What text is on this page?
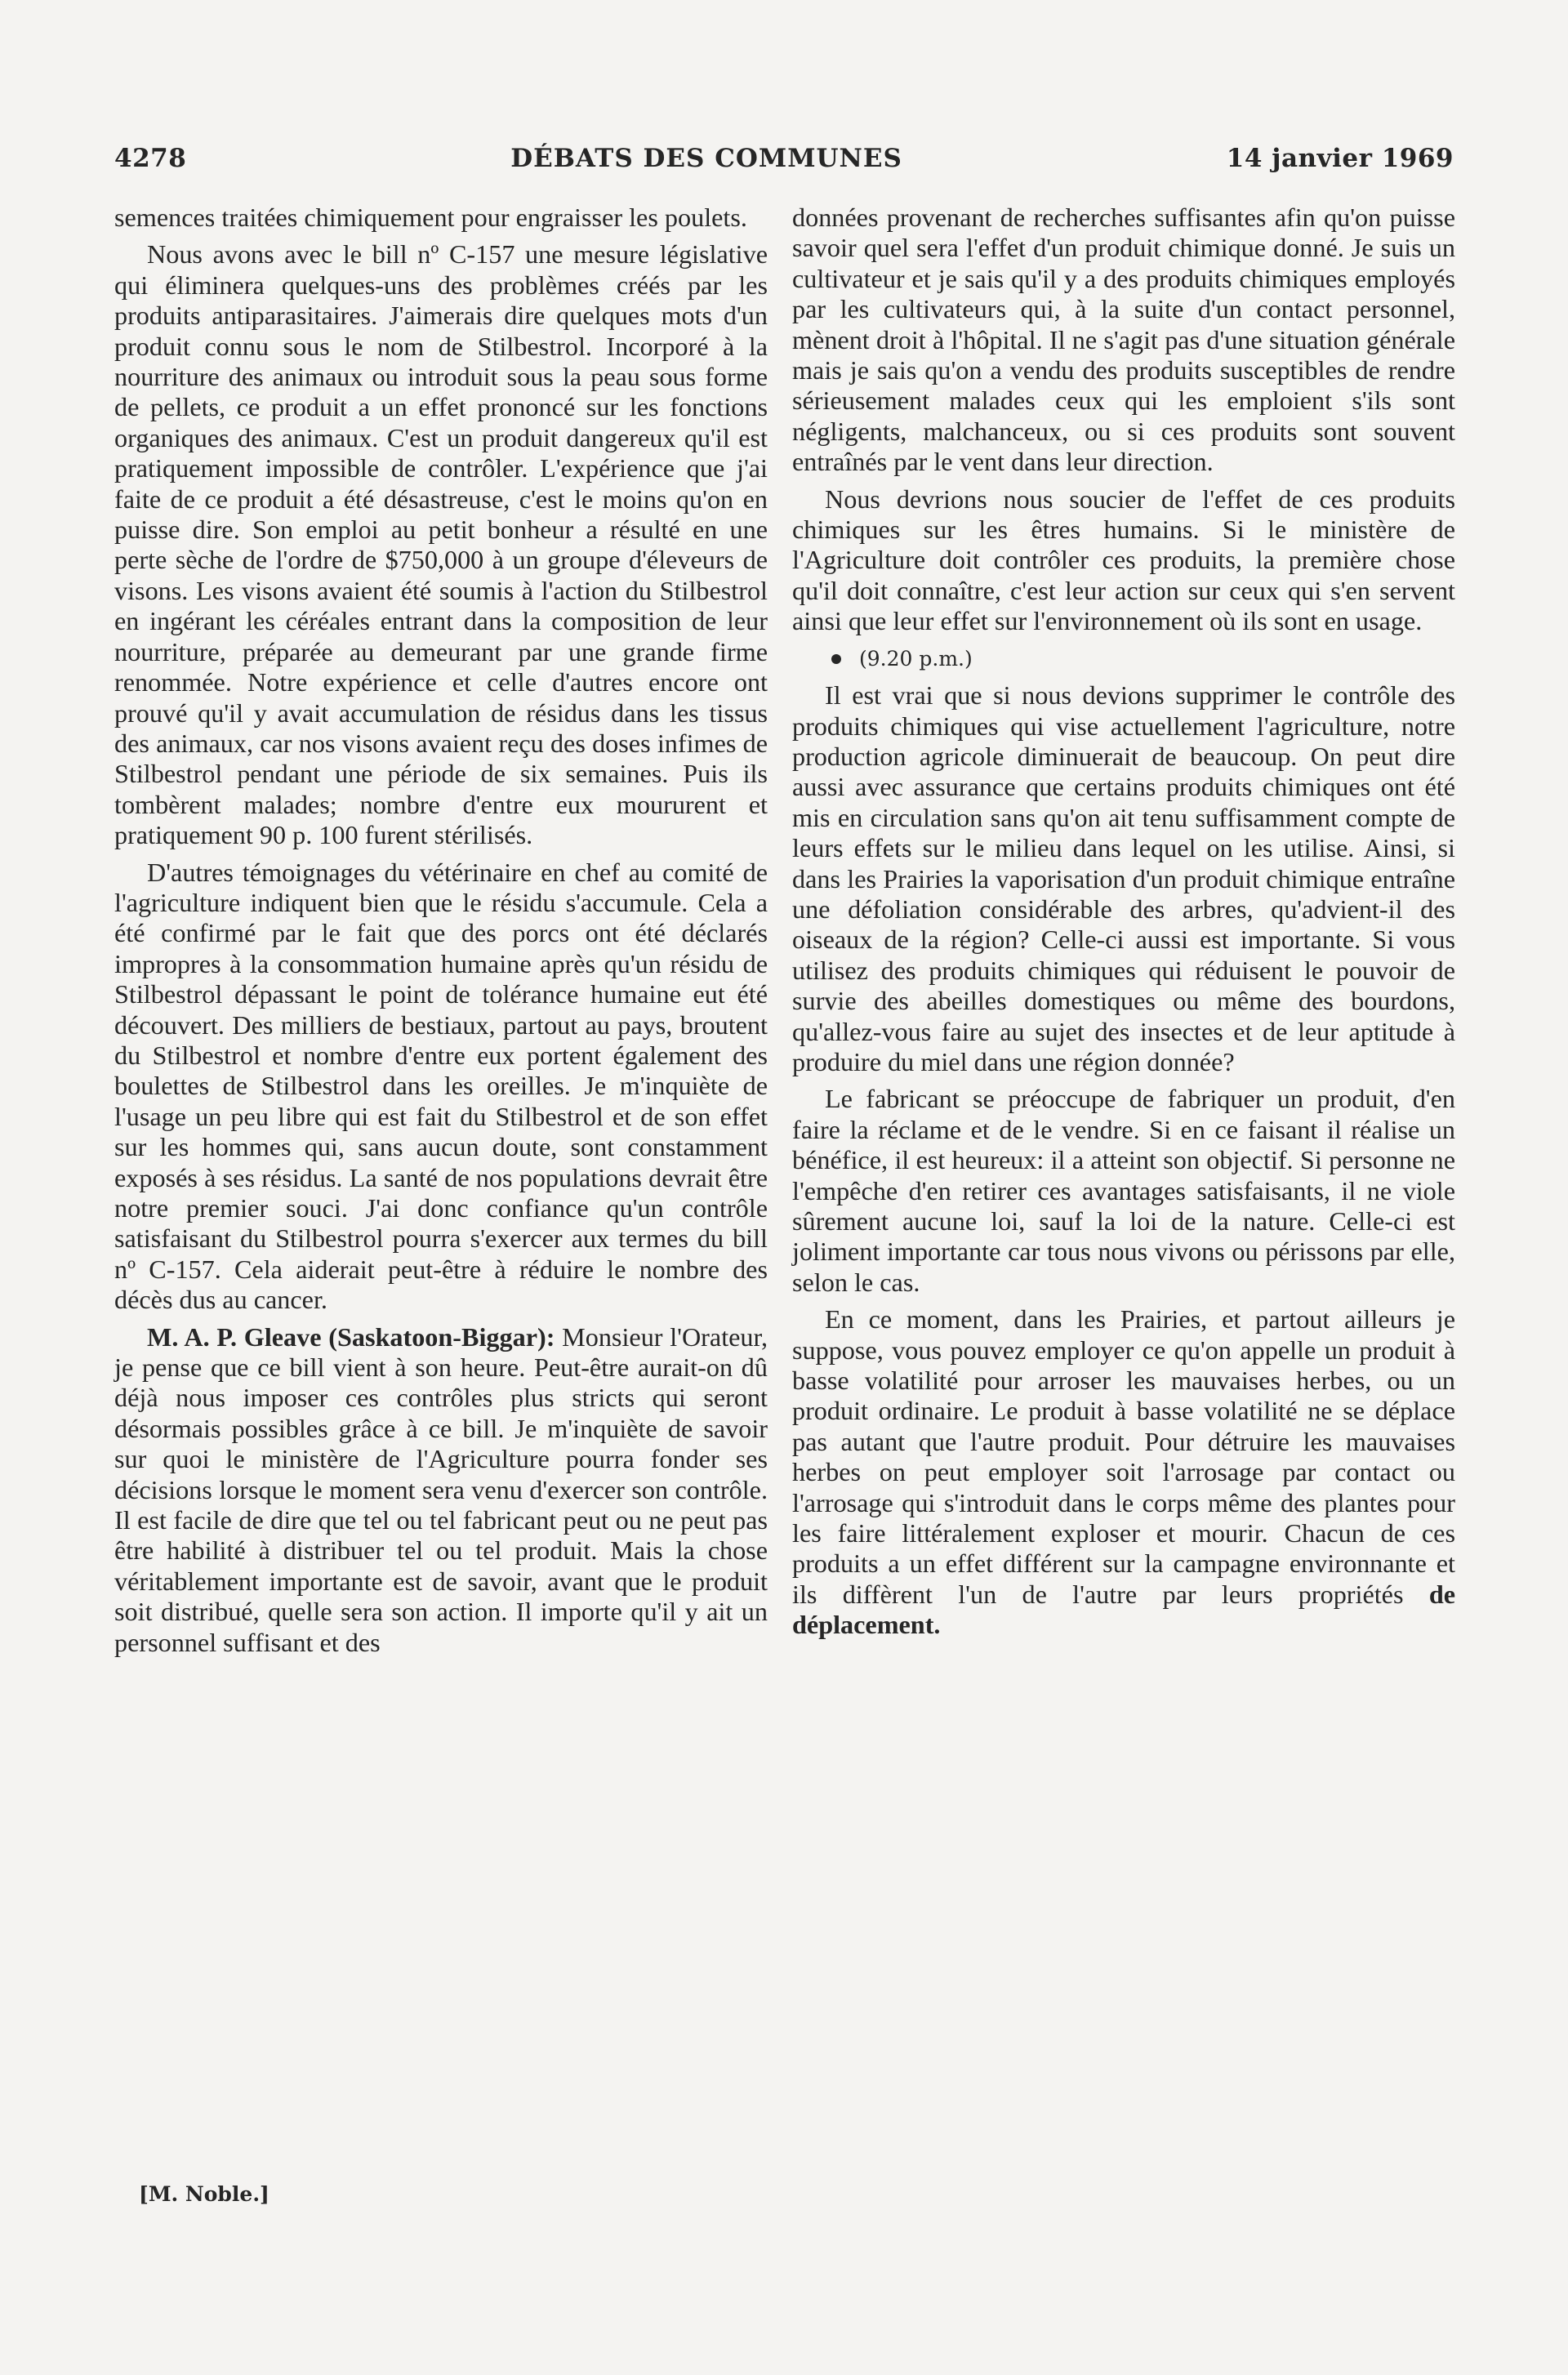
4278	DÉBATS DES COMMUNES	14 janvier 1969

semences traitées chimiquement pour engraisser les poulets.

Nous avons avec le bill nº C-157 une mesure législative qui éliminera quelques-uns des problèmes créés par les produits antiparasitaires. J'aimerais dire quelques mots d'un produit connu sous le nom de Stilbestrol. Incorporé à la nourriture des animaux ou introduit sous la peau sous forme de pellets, ce produit a un effet prononcé sur les fonctions organiques des animaux. C'est un produit dangereux qu'il est pratiquement impossible de contrôler. L'expérience que j'ai faite de ce produit a été désastreuse, c'est le moins qu'on en puisse dire. Son emploi au petit bonheur a résulté en une perte sèche de l'ordre de $750,000 à un groupe d'éleveurs de visons. Les visons avaient été soumis à l'action du Stilbestrol en ingérant les céréales entrant dans la composition de leur nourriture, préparée au demeurant par une grande firme renommée. Notre expérience et celle d'autres encore ont prouvé qu'il y avait accumulation de résidus dans les tissus des animaux, car nos visons avaient reçu des doses infimes de Stilbestrol pendant une période de six semaines. Puis ils tombèrent malades; nombre d'entre eux moururent et pratiquement 90 p. 100 furent stérilisés.

D'autres témoignages du vétérinaire en chef au comité de l'agriculture indiquent bien que le résidu s'accumule. Cela a été confirmé par le fait que des porcs ont été déclarés impropres à la consommation humaine après qu'un résidu de Stilbestrol dépassant le point de tolérance humaine eut été découvert. Des milliers de bestiaux, partout au pays, broutent du Stilbestrol et nombre d'entre eux portent également des boulettes de Stilbestrol dans les oreilles. Je m'inquiète de l'usage un peu libre qui est fait du Stilbestrol et de son effet sur les hommes qui, sans aucun doute, sont constamment exposés à ses résidus. La santé de nos populations devrait être notre premier souci. J'ai donc confiance qu'un contrôle satisfaisant du Stilbestrol pourra s'exercer aux termes du bill nº C-157. Cela aiderait peut-être à réduire le nombre des décès dus au cancer.

M. A. P. Gleave (Saskatoon-Biggar): Monsieur l'Orateur, je pense que ce bill vient à son heure. Peut-être aurait-on dû déjà nous imposer ces contrôles plus stricts qui seront désormais possibles grâce à ce bill. Je m'inquiète de savoir sur quoi le ministère de l'Agriculture pourra fonder ses décisions lorsque le moment sera venu d'exercer son contrôle. Il est facile de dire que tel ou tel fabricant peut ou ne peut pas être habilité à distribuer tel ou tel produit. Mais la chose véritablement importante est de savoir, avant que le produit soit distribué, quelle sera son action. Il importe qu'il y ait un personnel suffisant et des

[M. Noble.]

données provenant de recherches suffisantes afin qu'on puisse savoir quel sera l'effet d'un produit chimique donné. Je suis un cultivateur et je sais qu'il y a des produits chimiques employés par les cultivateurs qui, à la suite d'un contact personnel, mènent droit à l'hôpital. Il ne s'agit pas d'une situation générale mais je sais qu'on a vendu des produits susceptibles de rendre sérieusement malades ceux qui les emploient s'ils sont négligents, malchanceux, ou si ces produits sont souvent entraînés par le vent dans leur direction.

Nous devrions nous soucier de l'effet de ces produits chimiques sur les êtres humains. Si le ministère de l'Agriculture doit contrôler ces produits, la première chose qu'il doit connaître, c'est leur action sur ceux qui s'en servent ainsi que leur effet sur l'environnement où ils sont en usage.

(9.20 p.m.)

Il est vrai que si nous devions supprimer le contrôle des produits chimiques qui vise actuellement l'agriculture, notre production agricole diminuerait de beaucoup. On peut dire aussi avec assurance que certains produits chimiques ont été mis en circulation sans qu'on ait tenu suffisamment compte de leurs effets sur le milieu dans lequel on les utilise. Ainsi, si dans les Prairies la vaporisation d'un produit chimique entraîne une défoliation considérable des arbres, qu'advient-il des oiseaux de la région? Celle-ci aussi est importante. Si vous utilisez des produits chimiques qui réduisent le pouvoir de survie des abeilles domestiques ou même des bourdons, qu'allez-vous faire au sujet des insectes et de leur aptitude à produire du miel dans une région donnée?

Le fabricant se préoccupe de fabriquer un produit, d'en faire la réclame et de le vendre. Si en ce faisant il réalise un bénéfice, il est heureux: il a atteint son objectif. Si personne ne l'empêche d'en retirer ces avantages satisfaisants, il ne viole sûrement aucune loi, sauf la loi de la nature. Celle-ci est joliment importante car tous nous vivons ou périssons par elle, selon le cas.

En ce moment, dans les Prairies, et partout ailleurs je suppose, vous pouvez employer ce qu'on appelle un produit à basse volatilité pour arroser les mauvaises herbes, ou un produit ordinaire. Le produit à basse volatilité ne se déplace pas autant que l'autre produit. Pour détruire les mauvaises herbes on peut employer soit l'arrosage par contact ou l'arrosage qui s'introduit dans le corps même des plantes pour les faire littéralement exploser et mourir. Chacun de ces produits a un effet différent sur la campagne environnante et ils diffèrent l'un de l'autre par leurs propriétés de déplacement.
